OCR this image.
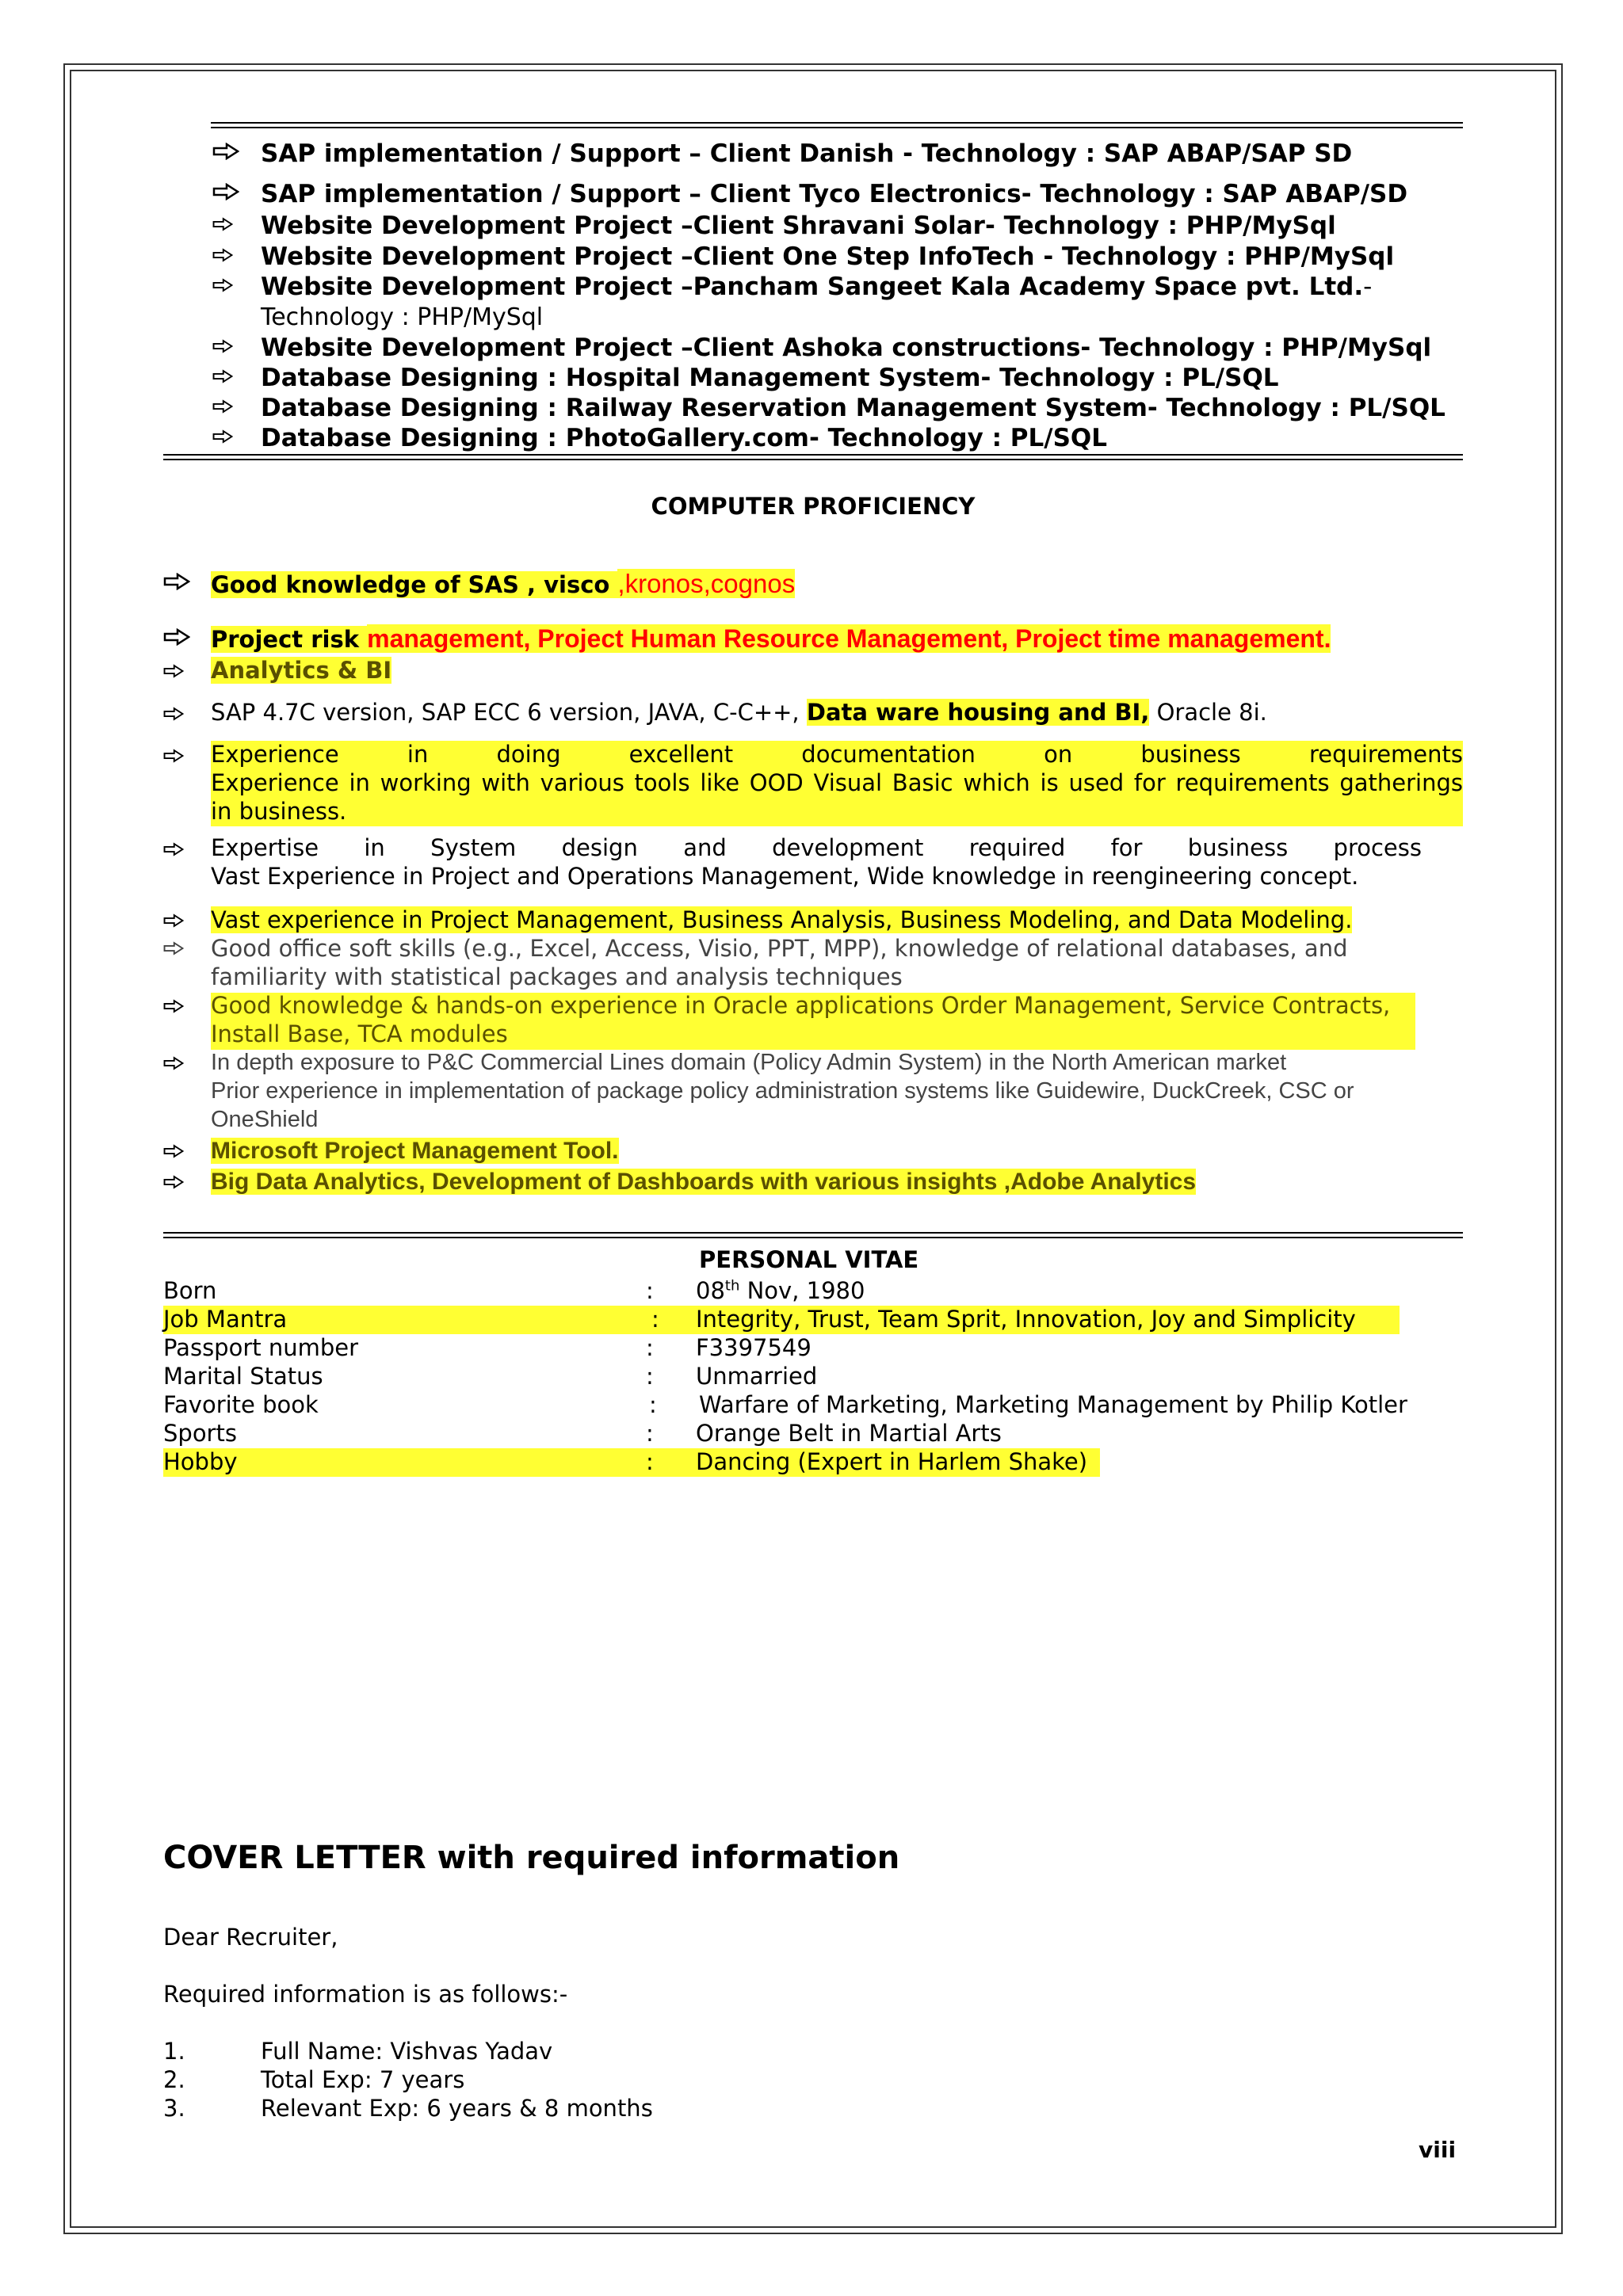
SAP implementation / Support – Client Danish - Technology : SAP ABAP/SAP SD
SAP implementation / Support – Client Tyco Electronics- Technology : SAP ABAP/SD
Website Development Project –Client Shravani Solar- Technology : PHP/MySql
Website Development Project –Client One Step InfoTech - Technology : PHP/MySql
Website Development Project –Pancham Sangeet Kala Academy Space pvt. Ltd.-
Technology : PHP/MySql
Website Development Project –Client Ashoka constructions- Technology : PHP/MySql
Database Designing : Hospital Management System- Technology : PL/SQL
Database Designing : Railway Reservation Management System- Technology : PL/SQL
Database Designing : PhotoGallery.com- Technology : PL/SQL
COMPUTER PROFICIENCY
Good knowledge of SAS , visco ,kronos,cognos
Project risk management, Project Human Resource Management, Project time management.
Analytics & BI
SAP 4.7C version, SAP ECC 6 version, JAVA, C-C++, Data ware housing and BI, Oracle 8i.
Experience in doing excellent documentation on business requirements
Experience in working with various tools like OOD Visual Basic which is used for requirements gatherings
in business.
Expertise in System design and development required for business process
Vast Experience in Project and Operations Management, Wide knowledge in reengineering concept.
Vast experience in Project Management, Business Analysis, Business Modeling, and Data Modeling.
Good office soft skills (e.g., Excel, Access, Visio, PPT, MPP), knowledge of relational databases, and
familiarity with statistical packages and analysis techniques
Good knowledge & hands-on experience in Oracle applications Order Management, Service Contracts,
Install Base, TCA modules
In depth exposure to P&C Commercial Lines domain (Policy Admin System) in the North American market
Prior experience in implementation of package policy administration systems like Guidewire, DuckCreek, CSC or
OneShield
Microsoft Project Management Tool.
Big Data Analytics, Development of Dashboards with various insights ,Adobe Analytics
PERSONAL VITAE
Born	: 08th Nov, 1980
Job Mantra	: Integrity, Trust, Team Sprit, Innovation, Joy and Simplicity
Passport number	: F3397549
Marital Status	: Unmarried
Favorite book	: Warfare of Marketing, Marketing Management by Philip Kotler
Sports	: Orange Belt in Martial Arts
Hobby	: Dancing (Expert in Harlem Shake)
COVER LETTER with required information
Dear Recruiter,
Required information is as follows:-
1.	Full Name: Vishvas Yadav
2.	Total Exp: 7 years
3.	Relevant Exp: 6 years & 8 months
viii
